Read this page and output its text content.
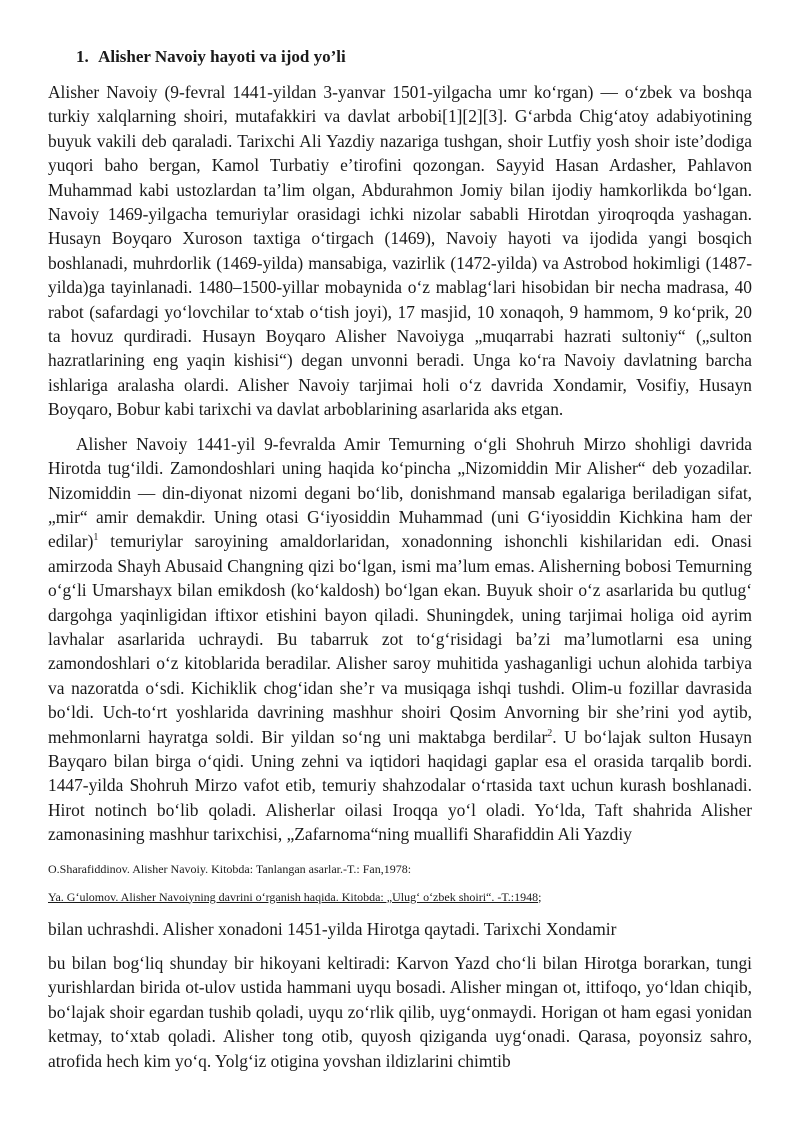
1. Alisher Navoiy hayoti va ijod yo’li

Alisher Navoiy (9-fevral 1441-yildan 3-yanvar 1501-yilgacha umr koʻrgan) — oʻzbek va boshqa turkiy xalqlarning shoiri, mutafakkiri va davlat arbobi[1][2][3]. Gʻarbda Chigʻatoy adabiyotining buyuk vakili deb qaraladi. Tarixchi Ali Yazdiy nazariga tushgan, shoir Lutfiy yosh shoir isteʼdodiga yuqori baho bergan, Kamol Turbatiy eʼtirofini qozongan. Sayyid Hasan Ardasher, Pahlavon Muhammad kabi ustozlardan taʼlim olgan, Abdurahmon Jomiy bilan ijodiy hamkorlikda boʻlgan. Navoiy 1469-yilgacha temuriylar orasidagi ichki nizolar sababli Hirotdan yiroqroqda yashagan. Husayn Boyqaro Xuroson taxtiga oʻtirgach (1469), Navoiy hayoti va ijodida yangi bosqich boshlanadi, muhrdorlik (1469-yilda) mansabiga, vazirlik (1472-yilda) va Astrobod hokimligi (1487-yilda)ga tayinlanadi. 1480–1500-yillar mobaynida oʻz mablagʻlari hisobidan bir necha madrasa, 40 rabot (safardagi yoʻlovchilar toʻxtab oʻtish joyi), 17 masjid, 10 xonaqoh, 9 hammom, 9 koʻprik, 20 ta hovuz qurdiradi. Husayn Boyqaro Alisher Navoiyga „muqarrabi hazrati sultoniy“ („sulton hazratlarining eng yaqin kishisi“) degan unvonni beradi. Unga koʻra Navoiy davlatning barcha ishlariga aralasha olardi. Alisher Navoiy tarjimai holi oʻz davrida Xondamir, Vosifiy, Husayn Boyqaro, Bobur kabi tarixchi va davlat arboblarining asarlarida aks etgan.

Alisher Navoiy 1441-yil 9-fevralda Amir Temurning oʻgli Shohruh Mirzo shohligi davrida Hirotda tugʻildi. Zamondoshlari uning haqida koʻpincha „Nizomiddin Mir Alisher“ deb yozadilar. Nizomiddin — din-diyonat nizomi degani boʻlib, donishmand mansab egalariga beriladigan sifat, „mir“ amir demakdir. Uning otasi Gʻiyosiddin Muhammad (uni Gʻiyosiddin Kichkina ham der edilar)$^1$ temuriylar saroyining amaldorlaridan, xonadonning ishonchli kishilaridan edi. Onasi amirzoda Shayh Abusaid Changning qizi boʻlgan, ismi maʼlum emas. Alisherning bobosi Temurning oʻgʻli Umarshayx bilan emikdosh (koʻkaldosh) boʻlgan ekan. Buyuk shoir oʻz asarlarida bu qutlugʻ dargohga yaqinligidan iftixor etishini bayon qiladi. Shuningdek, uning tarjimai holiga oid ayrim lavhalar asarlarida uchraydi. Bu tabarruk zot toʻgʻrisidagi baʼzi maʼlumotlarni esa uning zamondoshlari oʻz kitoblarida beradilar. Alisher saroy muhitida yashaganligi uchun alohida tarbiya va nazoratda oʻsdi. Kichiklik chogʻidan sheʼr va musiqaga ishqi tushdi. Olim-u fozillar davrasida boʻldi. Uch-toʻrt yoshlarida davrining mashhur shoiri Qosim Anvorning bir sheʼrini yod aytib, mehmonlarni hayratga soldi. Bir yildan soʻng uni maktabga berdilar$^2$. U boʻlajak sulton Husayn Bayqaro bilan birga oʻqidi. Uning zehni va iqtidori haqidagi gaplar esa el orasida tarqalib bordi. 1447-yilda Shohruh Mirzo vafot etib, temuriy shahzodalar oʻrtasida taxt uchun kurash boshlanadi. Hirot notinch boʻlib qoladi. Alisherlar oilasi Iroqqa yoʻl oladi. Yoʻlda, Taft shahrida Alisher zamonasining mashhur tarixchisi, „Zafarnoma“ning muallifi Sharafiddin Ali Yazdiy

O.Sharafiddinov. Alisher Navoiy. Kitobda: Tanlangan asarlar.-T.: Fan,1978:
Ya. Gʻulomov. Alisher Navoiyning davrini oʻrganish haqida. Kitobda: „Ulug‘ oʻzbek shoiri“. -T.:1948;
bilan uchrashdi. Alisher xonadoni 1451-yilda Hirotga qaytadi. Tarixchi Xondamir

bu bilan bogʻliq shunday bir hikoyani keltiradi: Karvon Yazd choʻli bilan Hirotga borarkan, tungi yurishlardan birida ot-ulov ustida hammani uyqu bosadi. Alisher mingan ot, ittifoqo, yoʻldan chiqib, boʻlajak shoir egardan tushib qoladi, uyqu zoʻrlik qilib, uygʻonmaydi. Horigan ot ham egasi yonidan ketmay, toʻxtab qoladi. Alisher tong otib, quyosh qiziganda uygʻonadi. Qarasa, poyonsiz sahro, atrofida hech kim yoʻq. Yolgʻiz otigina yovshan ildizlarini chimtib
